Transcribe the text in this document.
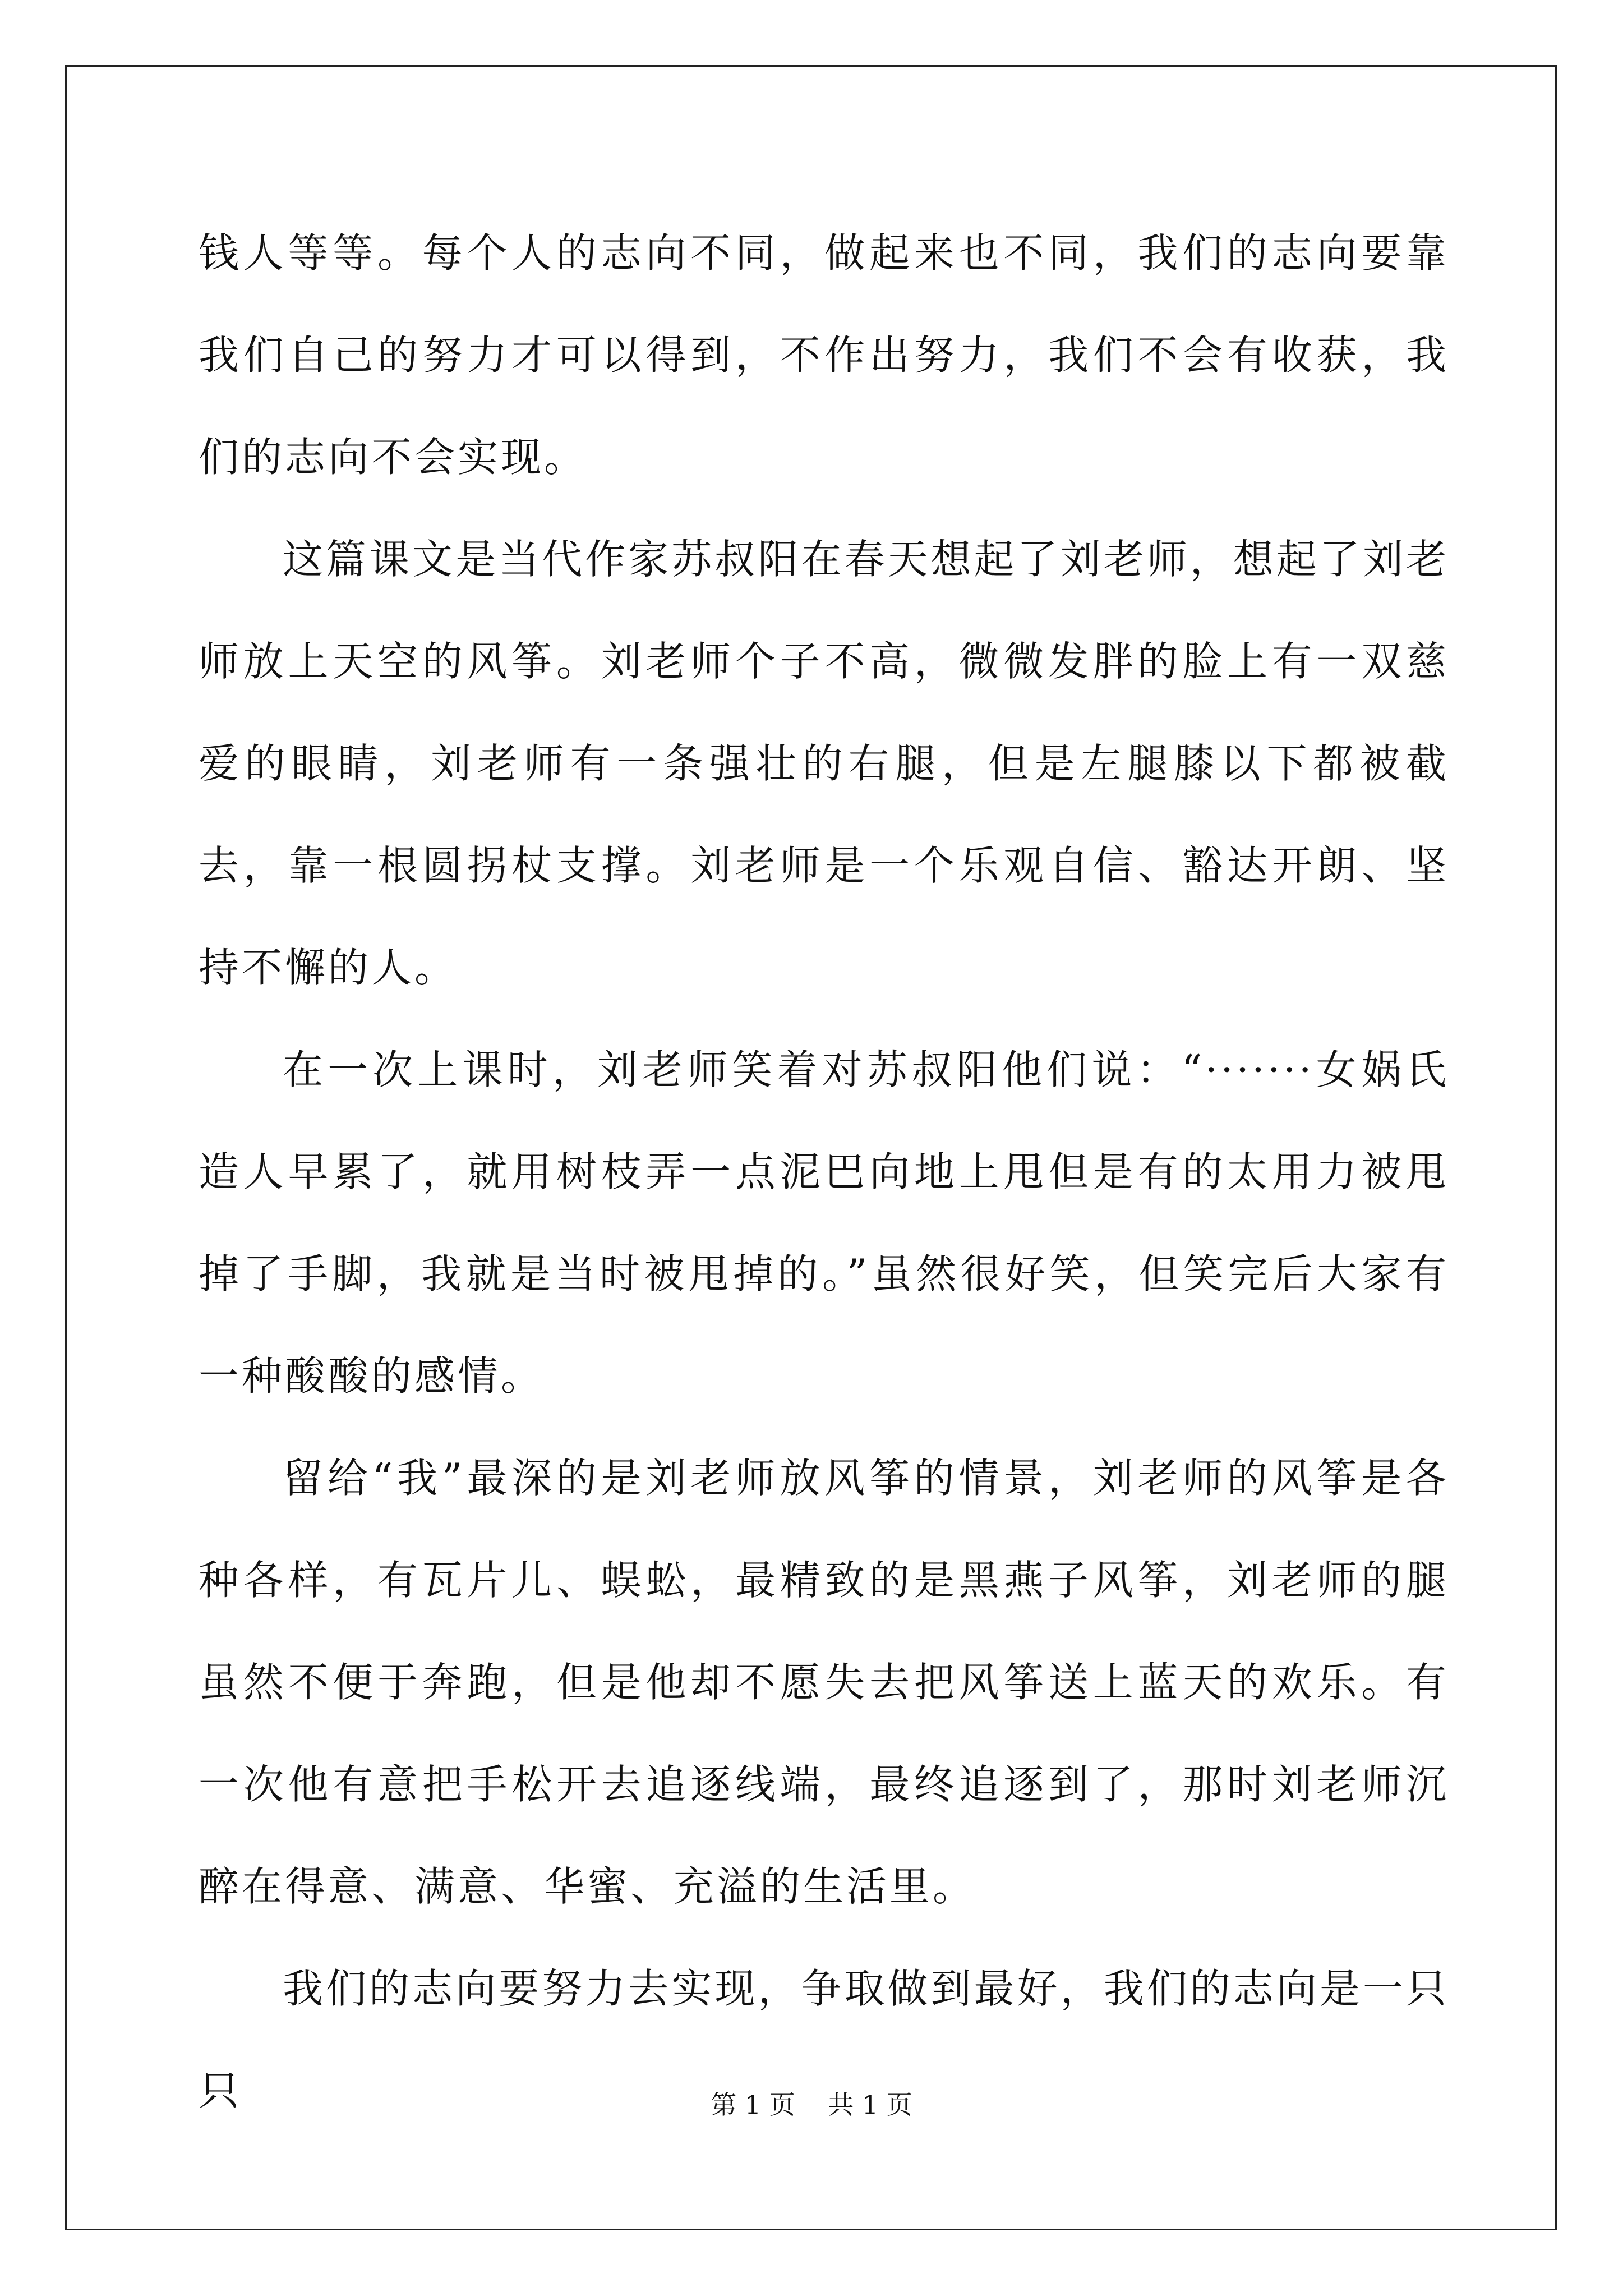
钱人等等。每个人的志向不同，做起来也不同，我们的志向要靠我们自己的努力才可以得到，不作出努力，我们不会有收获，我们的志向不会实现。

这篇课文是当代作家苏叔阳在春天想起了刘老师，想起了刘老师放上天空的风筝。刘老师个子不高，微微发胖的脸上有一双慈爱的眼睛，刘老师有一条强壮的右腿，但是左腿膝以下都被截去，靠一根圆拐杖支撑。刘老师是一个乐观自信、豁达开朗、坚持不懈的人。

在一次上课时，刘老师笑着对苏叔阳他们说：“·······女娲氏造人早累了，就用树枝弄一点泥巴向地上甩但是有的太用力被甩掉了手脚，我就是当时被甩掉的。”虽然很好笑，但笑完后大家有一种酸酸的感情。

留给“我”最深的是刘老师放风筝的情景，刘老师的风筝是各种各样，有瓦片儿、蜈蚣，最精致的是黑燕子风筝，刘老师的腿虽然不便于奔跑，但是他却不愿失去把风筝送上蓝天的欢乐。有一次他有意把手松开去追逐线端，最终追逐到了，那时刘老师沉醉在得意、满意、华蜜、充溢的生活里。

我们的志向要努力去实现，争取做到最好，我们的志向是一只只	第 1 页 共 1 页
